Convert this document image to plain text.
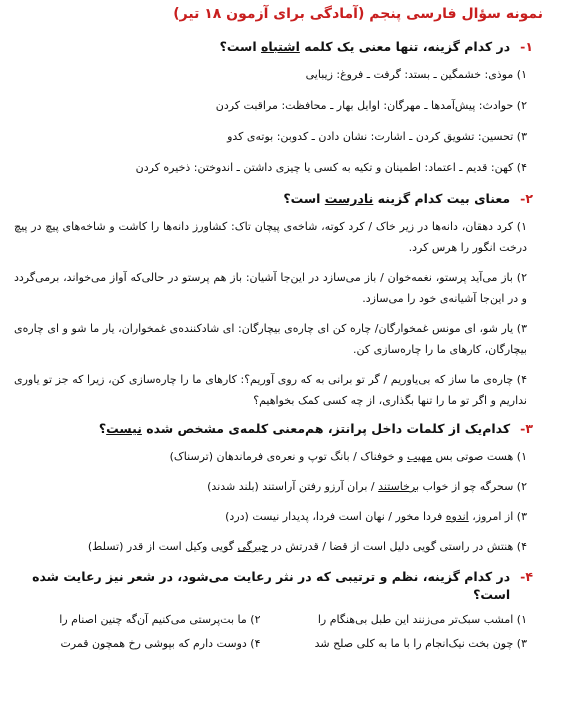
نمونه سؤال فارسی پنجم (آمادگی برای آزمون ۱۸ تیر)
۱-
در کدام گزینه، تنها معنی یک کلمه اشتباه است؟
۱) موذی: خشمگین ـ بستد: گرفت ـ فروغ: زیبایی
۲) حوادث: پیش‌آمدها ـ مهرگان: اوایل بهار ـ محافظت: مراقبت کردن
۳) تحسین: تشویق کردن ـ اشارت: نشان دادن ـ کدوبن: بوته‌ی کدو
۴) کهن: قدیم ـ اعتماد: اطمینان و تکیه به کسی یا چیزی داشتن ـ اندوختن: ذخیره کردن
۲-
معنای بیت کدام گزینه نادرست است؟
۱) کرد دهقان، دانه‌ها در زیر خاک / کرد کوته، شاخه‌ی پیچان تاک: کشاورز دانه‌ها را کاشت و شاخه‌های پیچ در پیچ درخت انگور را هرس کرد.
۲) باز می‌آید پرستو، نغمه‌خوان / باز می‌سازد در این‌جا آشیان: باز هم پرستو در حالی‌که آواز می‌خواند، برمی‌گردد و در این‌جا آشیانه‌ی خود را می‌سازد.
۳) یار شو، ای مونس غمخوارگان/ چاره کن ای چاره‌ی بیچارگان: ای شادکننده‌ی غمخواران، یار ما شو و ای چاره‌ی بیچارگان، کارهای ما را چاره‌سازی کن.
۴) چاره‌ی ما ساز که بی‌یاوریم / گر تو برانی به که روی آوریم؟: کارهای ما را چاره‌سازی کن، زیرا که جز تو یاوری نداریم و اگر تو ما را تنها بگذاری، از چه کسی کمک بخواهیم؟
۳-
کدام‌یک از کلمات داخل پرانتز، هم‌معنی کلمه‌ی مشخص شده نیست؟
۱) هست صوتی بس مهیب و خوفناک / بانگ توپ و نعره‌ی فرماندهان (ترسناک)
۲) سحرگه چو از خواب برخاستند / بران آرزو رفتن آراستند (بلند شدند)
۳) از امروز، اندوه فردا مخور / نهان است فردا، پدیدار نیست (درد)
۴) هنتش در راستی گویی دلیل است از قضا / قدرتش در چیرگی گویی وکیل است از قدر (تسلط)
۴-
در کدام گزینه، نظم و ترتیبی که در نثر رعایت می‌شود، در شعر نیز رعایت شده است؟
۱) امشب سبک‌تر می‌زنند این طبل بی‌هنگام را
۲) ما بت‌پرستی می‌کنیم آن‌گه چنین اصنام را
۳) چون بخت نیک‌انجام را با ما به کلی صلح شد
۴) دوست دارم که بپوشی رخ همچون قمرت
